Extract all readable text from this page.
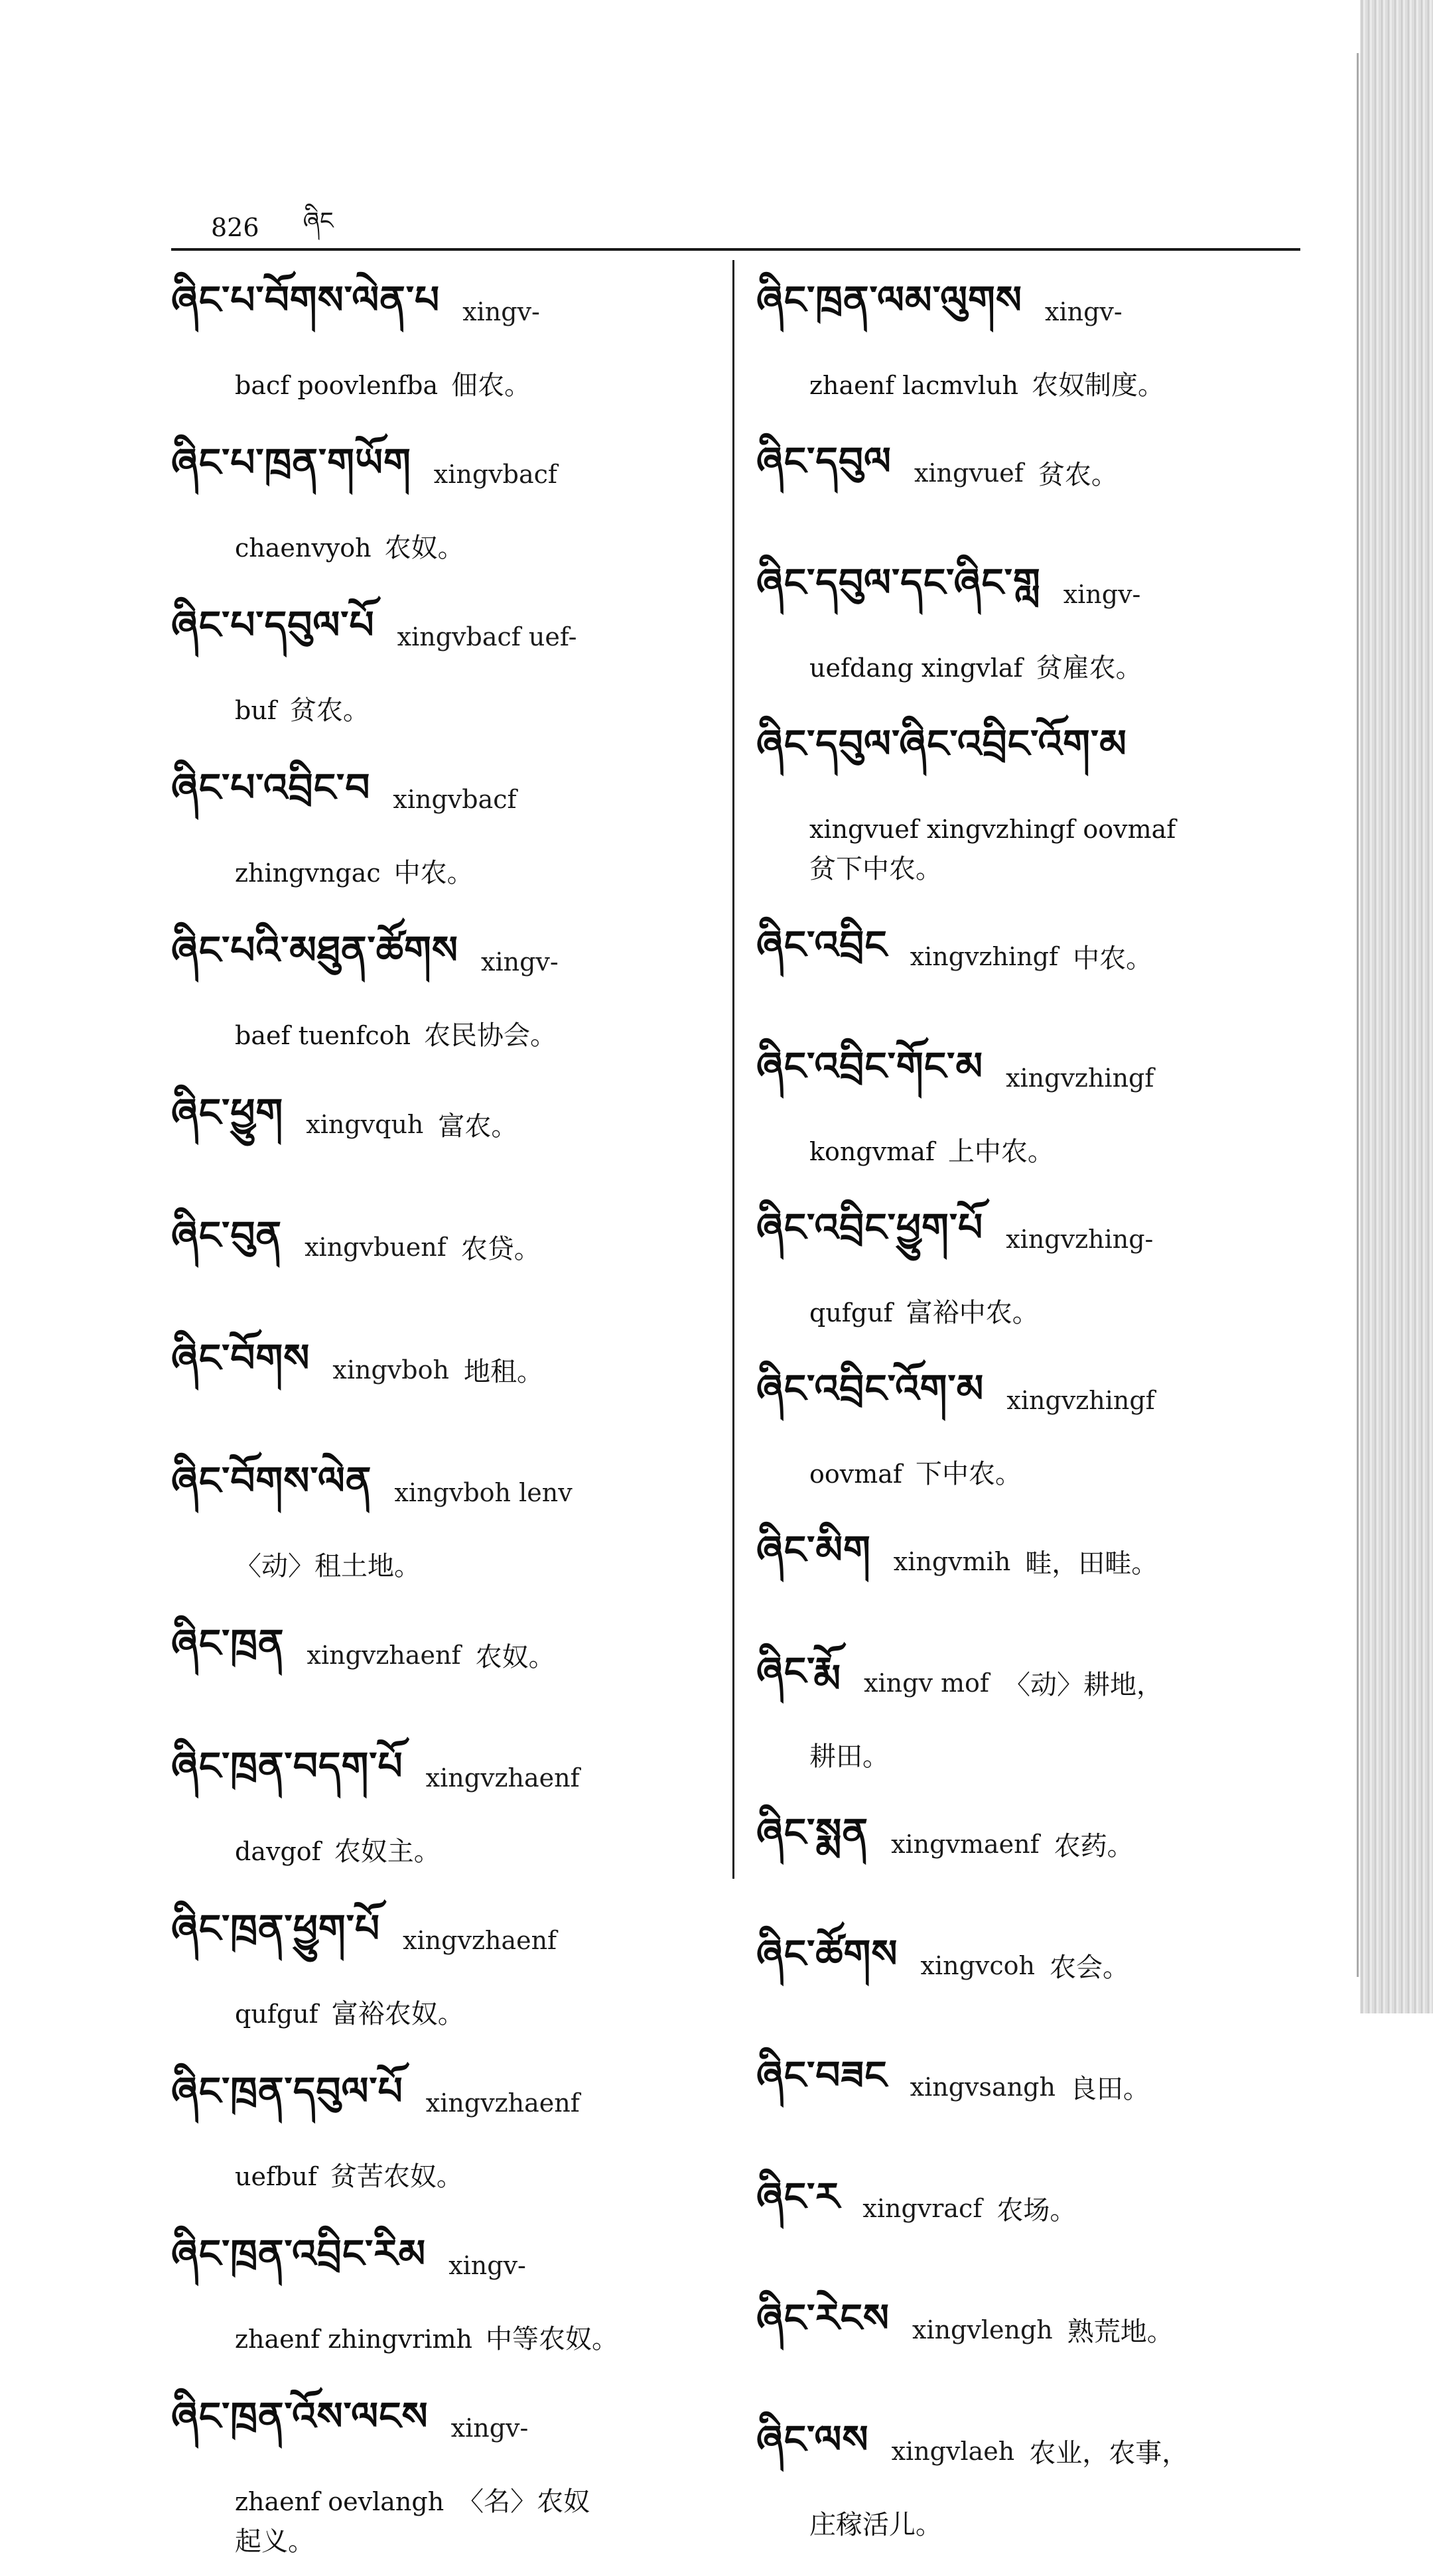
826 ཞིང
ཞིང་པ་བོགས་ལེན་པ xingv-
bacf poovlenfba 佃农。
ཞིང་པ་ཁྲན་གཡོག xingvbacf
chaenvyoh 农奴。
ཞིང་པ་དབུལ་པོ xingvbacf uef-
buf 贫农。
ཞིང་པ་འབྲིང་བ xingvbacf
zhingvngac 中农。
ཞིང་པའི་མཐུན་ཚོགས xingv-
baef tuenfcoh 农民协会。
ཞིང་ཕྱུག xingvquh 富农。
ཞིང་བུན xingvbuenf 农贷。
ཞིང་བོགས xingvboh 地租。
ཞིང་བོགས་ལེན xingvboh lenv
〈动〉租土地。
ཞིང་ཁྲན xingvzhaenf 农奴。
ཞིང་ཁྲན་བདག་པོ xingvzhaenf
davgof 农奴主。
ཞིང་ཁྲན་ཕྱུག་པོ xingvzhaenf
qufguf 富裕农奴。
ཞིང་ཁྲན་དབུལ་པོ xingvzhaenf
uefbuf 贫苦农奴。
ཞིང་ཁྲན་འབྲིང་རིམ xingv-
zhaenf zhingvrimh 中等农奴。
ཞིང་ཁྲན་འོས་ལངས xingv-
zhaenf oevlangh 〈名〉农奴
起义。
ཞིང་ཁྲན་ལམ་ལུགས xingv-
zhaenf lacmvluh 农奴制度。
ཞིང་དབུལ xingvuef 贫农。
ཞིང་དབུལ་དང་ཞིང་གླ xingv-
uefdang xingvlaf 贫雇农。
ཞིང་དབུལ་ཞིང་འབྲིང་འོག་མ
xingvuef xingvzhingf oovmaf
贫下中农。
ཞིང་འབྲིང xingvzhingf 中农。
ཞིང་འབྲིང་གོང་མ xingvzhingf
kongvmaf 上中农。
ཞིང་འབྲིང་ཕྱུག་པོ xingvzhing-
qufguf 富裕中农。
ཞིང་འབྲིང་འོག་མ xingvzhingf
oovmaf 下中农。
ཞིང་མིག xingvmih 畦，田畦。
ཞིང་རྨོ xingv mof 〈动〉耕地，
耕田。
ཞིང་སྨན xingvmaenf 农药。
ཞིང་ཚོགས xingvcoh 农会。
ཞིང་བཟང xingvsangh 良田。
ཞིང་ར xingvracf 农场。
ཞིང་རེངས xingvlengh 熟荒地。
ཞིང་ལས xingvlaeh 农业，农事，
庄稼活儿。
